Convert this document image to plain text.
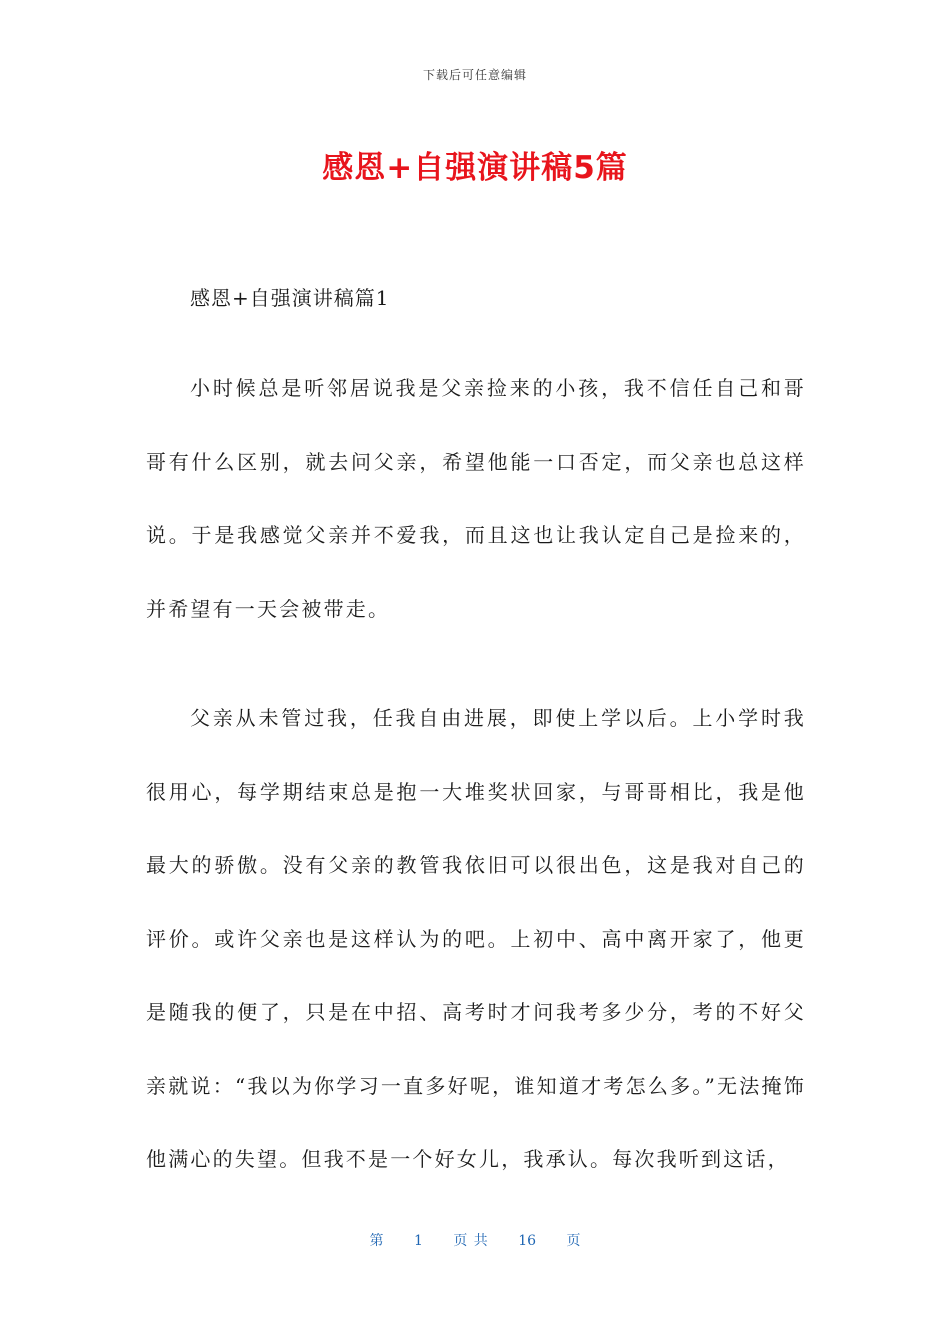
下载后可任意编辑
感恩+自强演讲稿5篇
感恩+自强演讲稿篇1

小时候总是听邻居说我是父亲捡来的小孩，我不信任自己和哥哥有什么区别，就去问父亲，希望他能一口否定，而父亲也总这样说。于是我感觉父亲并不爱我，而且这也让我认定自己是捡来的，并希望有一天会被带走。

父亲从未管过我，任我自由进展，即使上学以后。上小学时我很用心，每学期结束总是抱一大堆奖状回家，与哥哥相比，我是他最大的骄傲。没有父亲的教管我依旧可以很出色，这是我对自己的评价。或许父亲也是这样认为的吧。上初中、高中离开家了，他更是随我的便了，只是在中招、高考时才问我考多少分，考的不好父亲就说：“我以为你学习一直多好呢，谁知道才考怎么多。”无法掩饰他满心的失望。但我不是一个好女儿，我承认。每次我听到这话，

第 1 页 共 16 页
